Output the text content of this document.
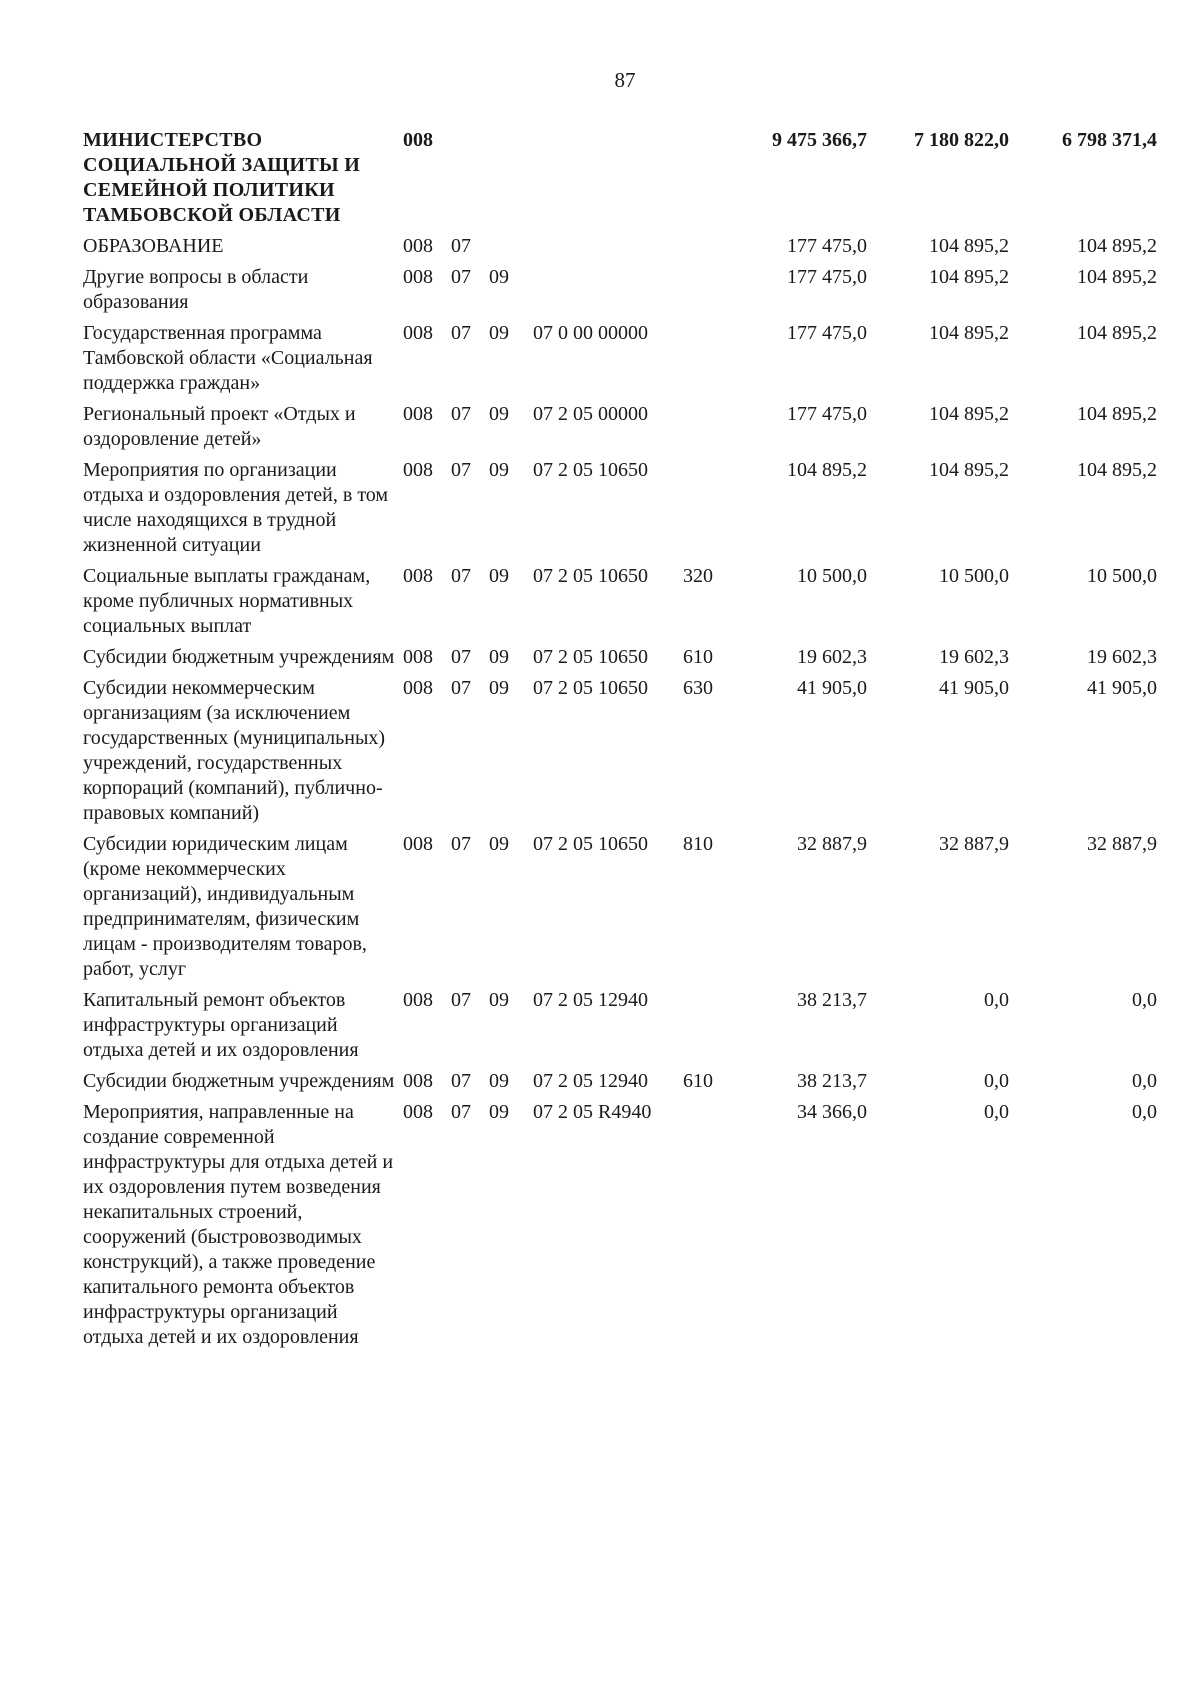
87
МИНИСТЕРСТВО СОЦИАЛЬНОЙ ЗАЩИТЫ И СЕМЕЙНОЙ ПОЛИТИКИ ТАМБОВСКОЙ ОБЛАСТИ	008					9 475 366,7	7 180 822,0	6 798 371,4
ОБРАЗОВАНИЕ	008	07				177 475,0	104 895,2	104 895,2
Другие вопросы в области образования	008	07	09			177 475,0	104 895,2	104 895,2
Государственная программа Тамбовской области «Социальная поддержка граждан»	008	07	09	07 0 00 00000		177 475,0	104 895,2	104 895,2
Региональный проект «Отдых и оздоровление детей»	008	07	09	07 2 05 00000		177 475,0	104 895,2	104 895,2
Мероприятия по организации отдыха и оздоровления детей, в том числе находящихся в трудной жизненной ситуации	008	07	09	07 2 05 10650		104 895,2	104 895,2	104 895,2
Социальные выплаты гражданам, кроме публичных нормативных социальных выплат	008	07	09	07 2 05 10650	320	10 500,0	10 500,0	10 500,0
Субсидии бюджетным учреждениям	008	07	09	07 2 05 10650	610	19 602,3	19 602,3	19 602,3
Субсидии некоммерческим организациям (за исключением государственных (муниципальных) учреждений, государственных корпораций (компаний), публично-правовых компаний)	008	07	09	07 2 05 10650	630	41 905,0	41 905,0	41 905,0
Субсидии юридическим лицам (кроме некоммерческих организаций), индивидуальным предпринимателям, физическим лицам - производителям товаров, работ, услуг	008	07	09	07 2 05 10650	810	32 887,9	32 887,9	32 887,9
Капитальный ремонт объектов инфраструктуры организаций отдыха детей и их оздоровления	008	07	09	07 2 05 12940		38 213,7	0,0	0,0
Субсидии бюджетным учреждениям	008	07	09	07 2 05 12940	610	38 213,7	0,0	0,0
Мероприятия, направленные на создание современной инфраструктуры для отдыха детей и их оздоровления путем возведения некапитальных строений, сооружений (быстровозводимых конструкций), а также проведение капитального ремонта объектов инфраструктуры организаций отдыха детей и их оздоровления	008	07	09	07 2 05 R4940		34 366,0	0,0	0,0
